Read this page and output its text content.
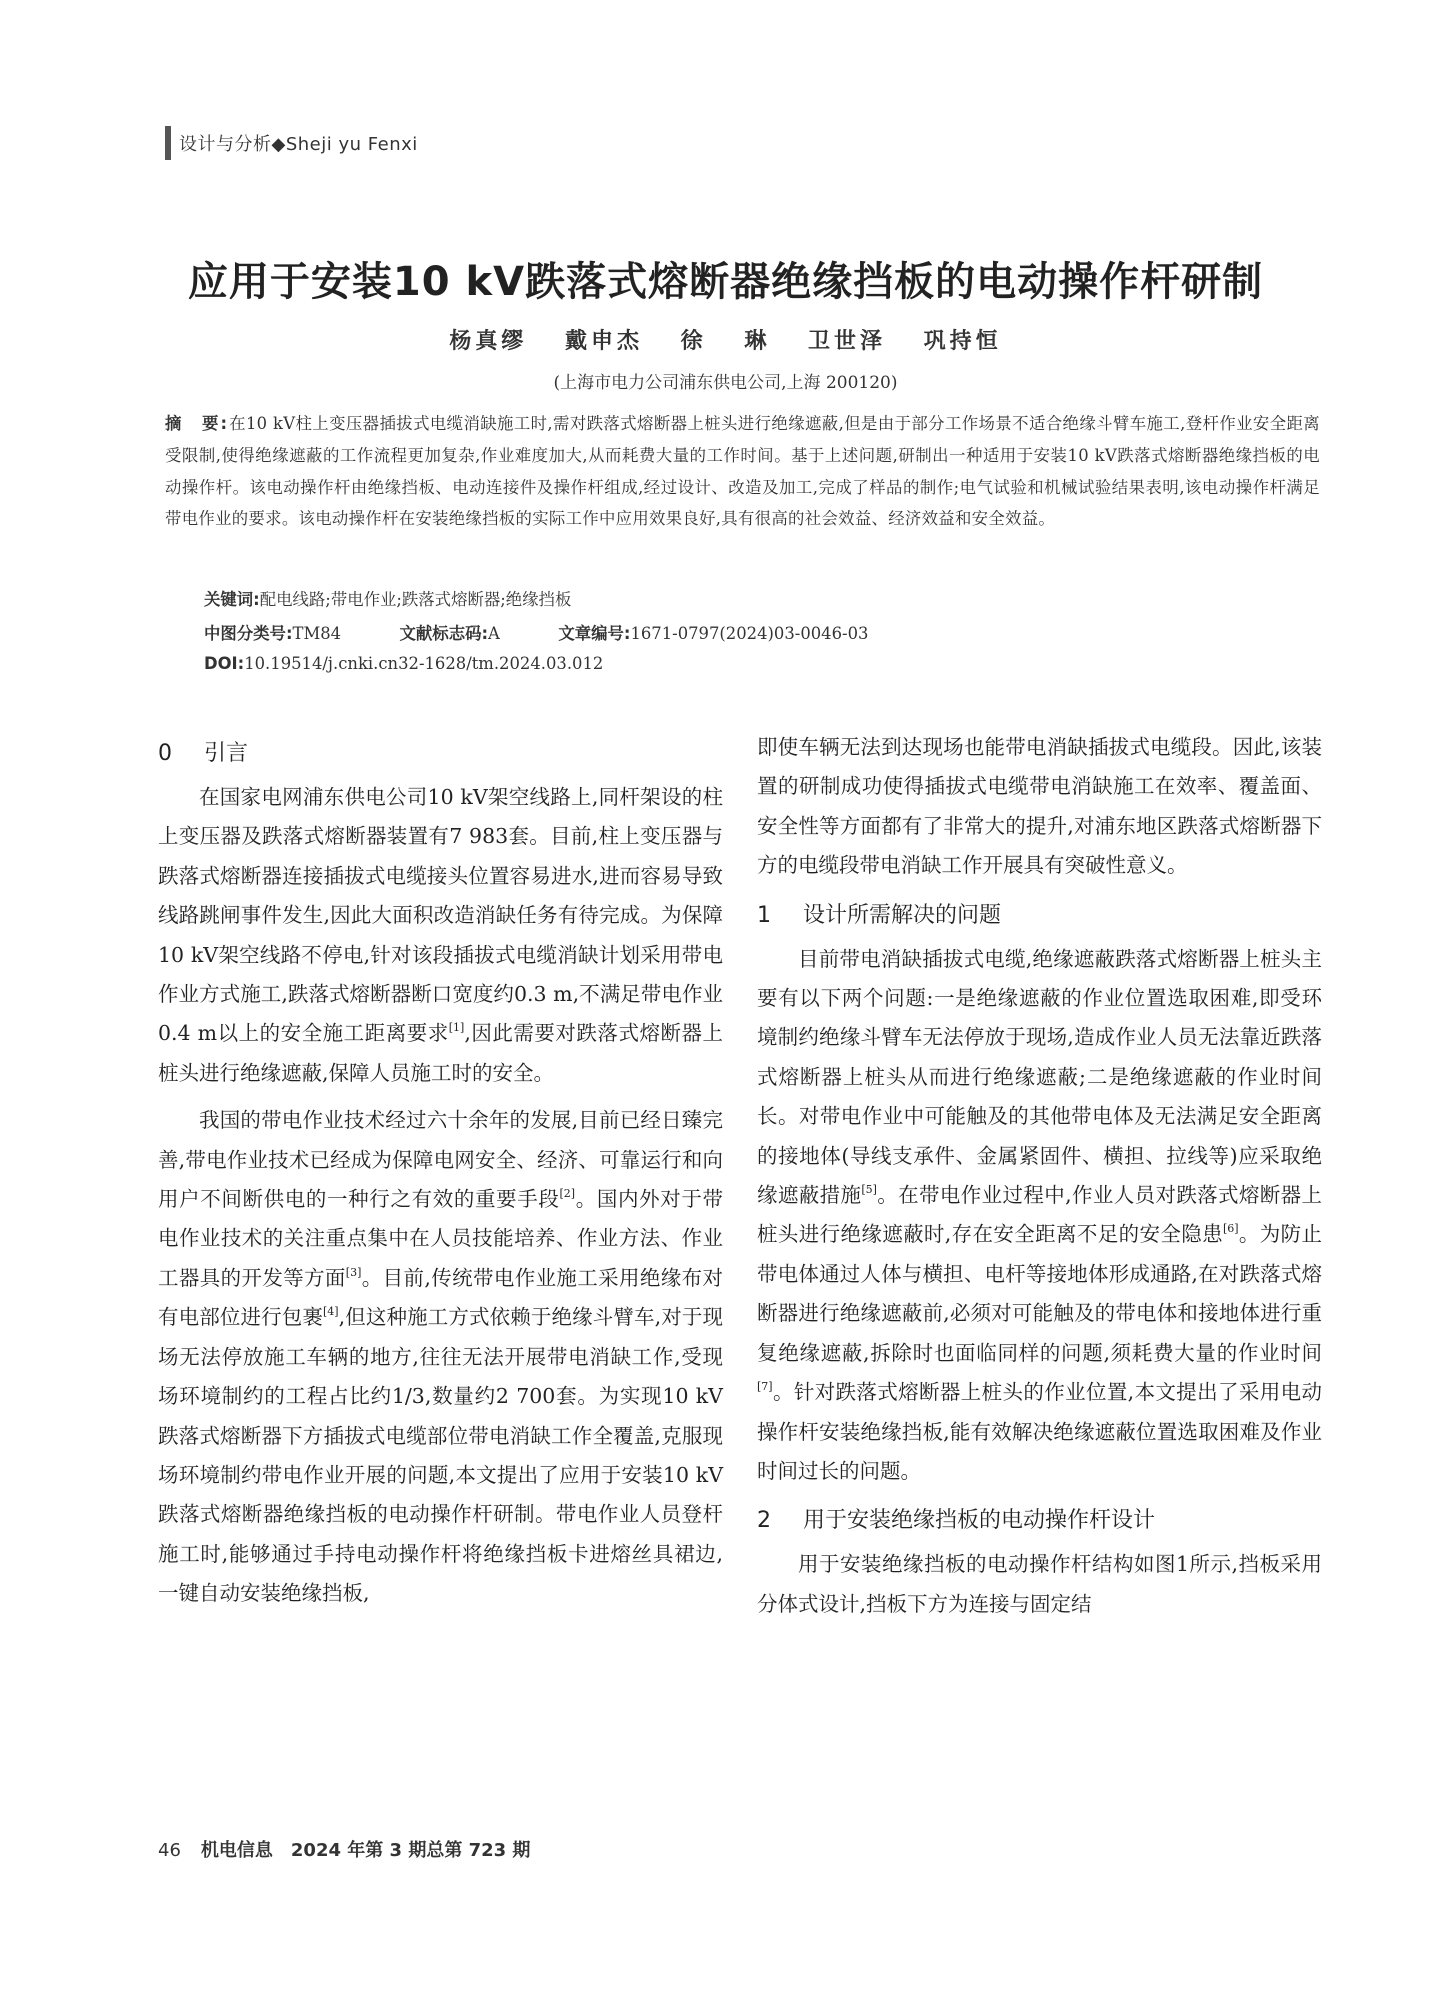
设计与分析◆Sheji yu Fenxi
应用于安装10 kV跌落式熔断器绝缘挡板的电动操作杆研制
杨真缪 戴申杰 徐 琳 卫世泽 巩持恒
(上海市电力公司浦东供电公司,上海 200120)
摘　要:在10 kV柱上变压器插拔式电缆消缺施工时,需对跌落式熔断器上桩头进行绝缘遮蔽,但是由于部分工作场景不适合绝缘斗臂车施工,登杆作业安全距离受限制,使得绝缘遮蔽的工作流程更加复杂,作业难度加大,从而耗费大量的工作时间。基于上述问题,研制出一种适用于安装10 kV跌落式熔断器绝缘挡板的电动操作杆。该电动操作杆由绝缘挡板、电动连接件及操作杆组成,经过设计、改造及加工,完成了样品的制作;电气试验和机械试验结果表明,该电动操作杆满足带电作业的要求。该电动操作杆在安装绝缘挡板的实际工作中应用效果良好,具有很高的社会效益、经济效益和安全效益。
关键词:配电线路;带电作业;跌落式熔断器;绝缘挡板
中图分类号:TM84	文献标志码:A	文章编号:1671-0797(2024)03-0046-03
DOI:10.19514/j.cnki.cn32-1628/tm.2024.03.012
0 引言

在国家电网浦东供电公司10 kV架空线路上,同杆架设的柱上变压器及跌落式熔断器装置有7 983套。目前,柱上变压器与跌落式熔断器连接插拔式电缆接头位置容易进水,进而容易导致线路跳闸事件发生,因此大面积改造消缺任务有待完成。为保障10 kV架空线路不停电,针对该段插拔式电缆消缺计划采用带电作业方式施工,跌落式熔断器断口宽度约0.3 m,不满足带电作业0.4 m以上的安全施工距离要求[1],因此需要对跌落式熔断器上桩头进行绝缘遮蔽,保障人员施工时的安全。

我国的带电作业技术经过六十余年的发展,目前已经日臻完善,带电作业技术已经成为保障电网安全、经济、可靠运行和向用户不间断供电的一种行之有效的重要手段[2]。国内外对于带电作业技术的关注重点集中在人员技能培养、作业方法、作业工器具的开发等方面[3]。目前,传统带电作业施工采用绝缘布对有电部位进行包裹[4],但这种施工方式依赖于绝缘斗臂车,对于现场无法停放施工车辆的地方,往往无法开展带电消缺工作,受现场环境制约的工程占比约1/3,数量约2 700套。为实现10 kV跌落式熔断器下方插拔式电缆部位带电消缺工作全覆盖,克服现场环境制约带电作业开展的问题,本文提出了应用于安装10 kV跌落式熔断器绝缘挡板的电动操作杆研制。带电作业人员登杆施工时,能够通过手持电动操作杆将绝缘挡板卡进熔丝具裙边,一键自动安装绝缘挡板,

即使车辆无法到达现场也能带电消缺插拔式电缆段。因此,该装置的研制成功使得插拔式电缆带电消缺施工在效率、覆盖面、安全性等方面都有了非常大的提升,对浦东地区跌落式熔断器下方的电缆段带电消缺工作开展具有突破性意义。

1 设计所需解决的问题

目前带电消缺插拔式电缆,绝缘遮蔽跌落式熔断器上桩头主要有以下两个问题:一是绝缘遮蔽的作业位置选取困难,即受环境制约绝缘斗臂车无法停放于现场,造成作业人员无法靠近跌落式熔断器上桩头从而进行绝缘遮蔽;二是绝缘遮蔽的作业时间长。对带电作业中可能触及的其他带电体及无法满足安全距离的接地体(导线支承件、金属紧固件、横担、拉线等)应采取绝缘遮蔽措施[5]。在带电作业过程中,作业人员对跌落式熔断器上桩头进行绝缘遮蔽时,存在安全距离不足的安全隐患[6]。为防止带电体通过人体与横担、电杆等接地体形成通路,在对跌落式熔断器进行绝缘遮蔽前,必须对可能触及的带电体和接地体进行重复绝缘遮蔽,拆除时也面临同样的问题,须耗费大量的作业时间[7]。针对跌落式熔断器上桩头的作业位置,本文提出了采用电动操作杆安装绝缘挡板,能有效解决绝缘遮蔽位置选取困难及作业时间过长的问题。

2 用于安装绝缘挡板的电动操作杆设计

用于安装绝缘挡板的电动操作杆结构如图1所示,挡板采用分体式设计,挡板下方为连接与固定结

46 机电信息　2024 年第 3 期总第 723 期
